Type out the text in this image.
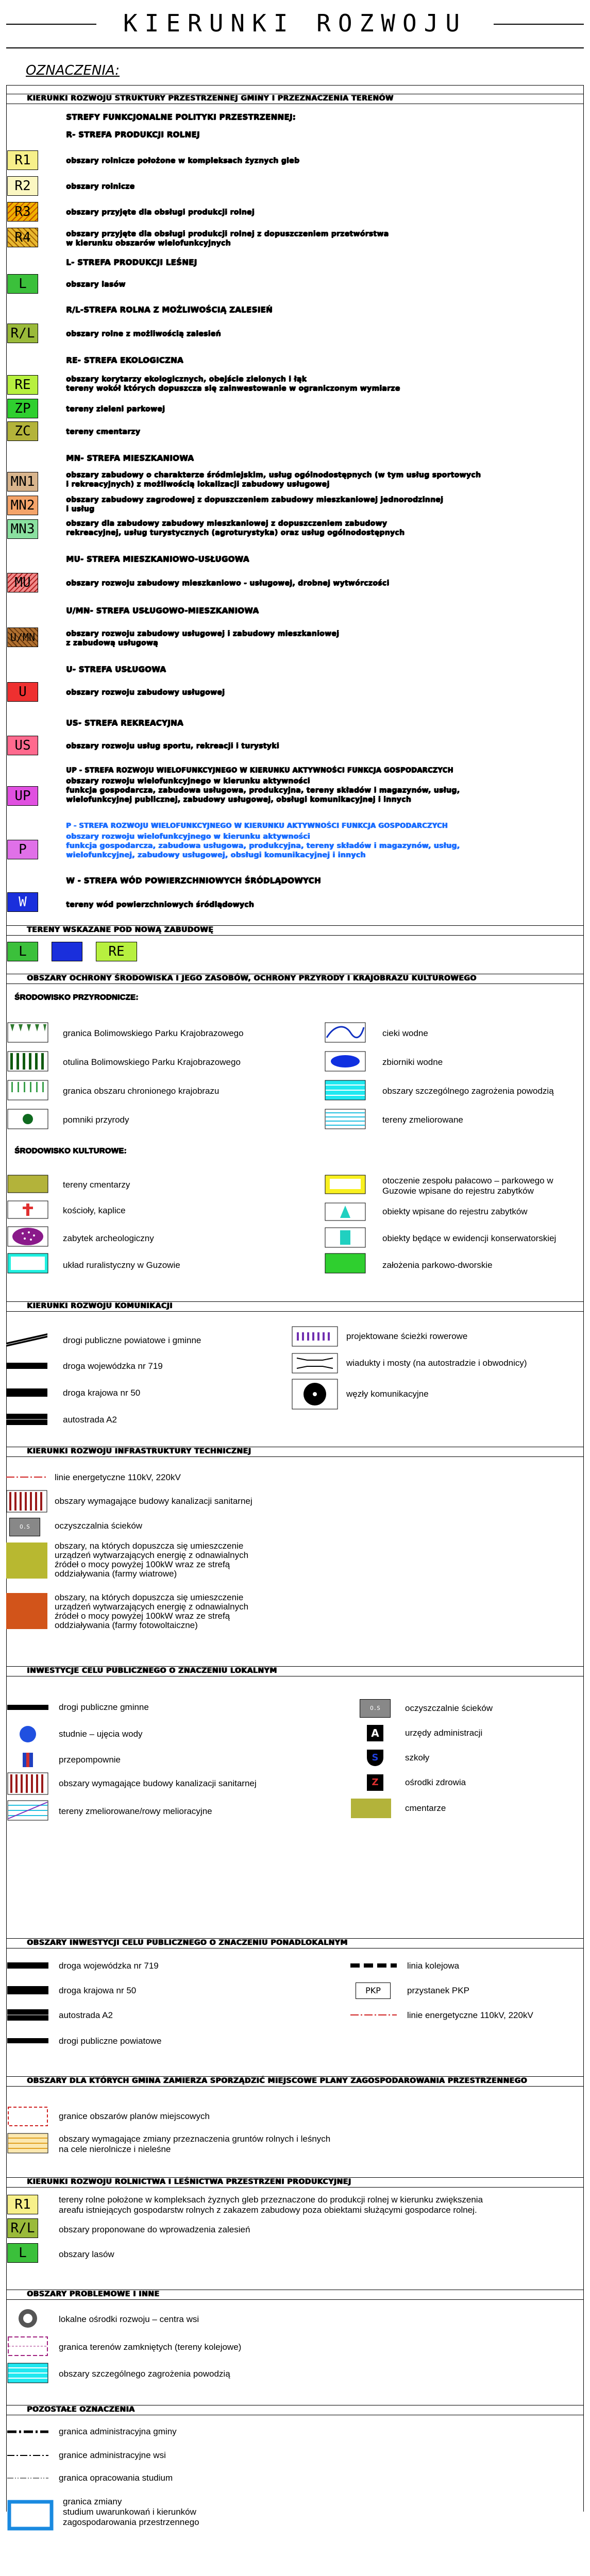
KIERUNKI ROZWOJU
OZNACZENIA:
KIERUNKI ROZWOJU STRUKTURY PRZESTRZENNEJ GMINY I PRZEZNACZENIA TERENÓW
STREFY FUNKCJONALNE POLITYKI PRZESTRZENNEJ:
R- STREFA PRODUKCJI ROLNEJ
R1	obszary rolnicze położone w kompleksach żyznych gleb
R2	obszary rolnicze
R3	obszary przyjęte dla obsługi produkcji rolnej
R4	obszary przyjęte dla obsługi produkcji rolnej z dopuszczeniem przetwórstwa
w kierunku obszarów wielofunkcyjnych
L- STREFA PRODUKCJI LEŚNEJ
L	obszary lasów
R/L-STREFA ROLNA Z MOŻLIWOŚCIĄ ZALESIEŃ
R/L	obszary rolne z możliwością zalesień
RE- STREFA EKOLOGICZNA
RE	obszary korytarzy ekologicznych, obejście zielonych i łąk
tereny wokół których dopuszcza się zainwestowanie w ograniczonym wymiarze
ZP	tereny zieleni parkowej
ZC	tereny cmentarzy
MN- STREFA MIESZKANIOWA
MN1	obszary zabudowy o charakterze śródmiejskim, usług ogólnodostępnych (w tym usług sportowych
i rekreacyjnych) z możliwością lokalizacji zabudowy usługowej
MN2	obszary zabudowy zagrodowej z dopuszczeniem zabudowy mieszkaniowej jednorodzinnej
i usług
MN3	obszary dla zabudowy zabudowy mieszkaniowej z dopuszczeniem zabudowy
rekreacyjnej, usług turystycznych (agroturystyka) oraz usług ogólnodostępnych
MU- STREFA MIESZKANIOWO-USŁUGOWA
MU	obszary rozwoju zabudowy mieszkaniowo - usługowej, drobnej wytwórczości
U/MN- STREFA USŁUGOWO-MIESZKANIOWA
U/MN	obszary rozwoju zabudowy usługowej i zabudowy mieszkaniowej
z zabudową usługową
U- STREFA USŁUGOWA
U	obszary rozwoju zabudowy usługowej
US- STREFA REKREACYJNA
US	obszary rozwoju usług sportu, rekreacji i turystyki
UP - STREFA ROZWOJU WIELOFUNKCYJNEGO W KIERUNKU AKTYWNOŚCI FUNKCJA GOSPODARCZYCH
UP
obszary rozwoju wielofunkcyjnego w kierunku aktywności
funkcja gospodarcza, zabudowa usługowa, produkcyjna, tereny składów i magazynów, usług,
wielofunkcyjnej publicznej, zabudowy usługowej, obsługi komunikacyjnej i innych
P - STREFA ROZWOJU WIELOFUNKCYJNEGO W KIERUNKU AKTYWNOŚCI FUNKCJA GOSPODARCZYCH
P
obszary rozwoju wielofunkcyjnego w kierunku aktywności
funkcja gospodarcza, zabudowa usługowa, produkcyjna, tereny składów i magazynów, usług,
wielofunkcyjnej, zabudowy usługowej, obsługi komunikacyjnej i innych
W - STREFA WÓD POWIERZCHNIOWYCH ŚRÓDLĄDOWYCH
W	tereny wód powierzchniowych śródlądowych
TERENY WSKAZANE POD NOWĄ ZABUDOWĘ
L	W	RE
OBSZARY OCHRONY ŚRODOWISKA I JEGO ZASOBÓW, OCHRONY PRZYRODY I KRAJOBRAZU KULTUROWEGO
ŚRODOWISKO PRZYRODNICZE:
granica Bolimowskiego Parku Krajobrazowego
otulina Bolimowskiego Parku Krajobrazowego
granica obszaru chronionego krajobrazu
pomniki przyrody
cieki wodne
zbiorniki wodne
obszary szczególnego zagrożenia powodzią
tereny zmeliorowane
ŚRODOWISKO KULTUROWE:
tereny cmentarzy
kościoły, kaplice
zabytek archeologiczny
układ ruralistyczny w Guzowie
otoczenie zespołu pałacowo – parkowego w
Guzowie wpisane do rejestru zabytków
obiekty wpisane do rejestru zabytków
obiekty będące w ewidencji konserwatorskiej
założenia parkowo-dworskie
KIERUNKI ROZWOJU KOMUNIKACJI
drogi publiczne powiatowe i gminne
droga wojewódzka nr 719
droga krajowa nr 50
autostrada A2
projektowane ścieżki rowerowe
wiadukty i mosty (na autostradzie i obwodnicy)
węzły komunikacyjne
KIERUNKI ROZWOJU INFRASTRUKTURY TECHNICZNEJ
linie energetyczne 110kV, 220kV
obszary wymagające budowy kanalizacji sanitarnej
O.S	oczyszczalnia ścieków
obszary, na których dopuszcza się umieszczenie
urządzeń wytwarzających energię z odnawialnych
źródeł o mocy powyżej 100kW wraz ze strefą
oddziaływania (farmy wiatrowe)
obszary, na których dopuszcza się umieszczenie
urządzeń wytwarzających energię z odnawialnych
źródeł o mocy powyżej 100kW wraz ze strefą
oddziaływania (farmy fotowoltaiczne)
INWESTYCJE CELU PUBLICZNEGO O ZNACZENIU LOKALNYM
drogi publiczne gminne
studnie – ujęcia wody
przepompownie
obszary wymagające budowy kanalizacji sanitarnej
tereny zmeliorowane/rowy melioracyjne
O.S	oczyszczalnie ścieków
A	urzędy administracji
S	szkoły
Z	ośrodki zdrowia
cmentarze
OBSZARY INWESTYCJI CELU PUBLICZNEGO O ZNACZENIU PONADLOKALNYM
droga wojewódzka nr 719
droga krajowa nr 50
autostrada A2
drogi publiczne powiatowe
linia kolejowa
PKP	przystanek PKP
linie energetyczne 110kV, 220kV
OBSZARY DLA KTÓRYCH GMINA ZAMIERZA SPORZĄDZIĆ MIEJSCOWE PLANY ZAGOSPODAROWANIA PRZESTRZENNEGO
granice obszarów planów miejscowych
obszary wymagające zmiany przeznaczenia gruntów rolnych i leśnych
na cele nierolnicze i nieleśne
KIERUNKI ROZWOJU ROLNICTWA I LEŚNICTWA PRZESTRZENI PRODUKCYJNEJ
R1	tereny rolne położone w kompleksach żyznych gleb przeznaczone do produkcji rolnej w kierunku zwiększenia
areafu istniejących gospodarstw rolnych z zakazem zabudowy poza obiektami służącymi gospodarce rolnej.
R/L	obszary proponowane do wprowadzenia zalesień
L	obszary lasów
OBSZARY PROBLEMOWE I INNE
lokalne ośrodki rozwoju – centra wsi
granica terenów zamkniętych (tereny kolejowe)
obszary szczególnego zagrożenia powodzią
POZOSTAŁE OZNACZENIA
granica administracyjna gminy
granice administracyjne wsi
granica opracowania studium
granica zmiany
studium uwarunkowań i kierunków
zagospodarowania przestrzennego
